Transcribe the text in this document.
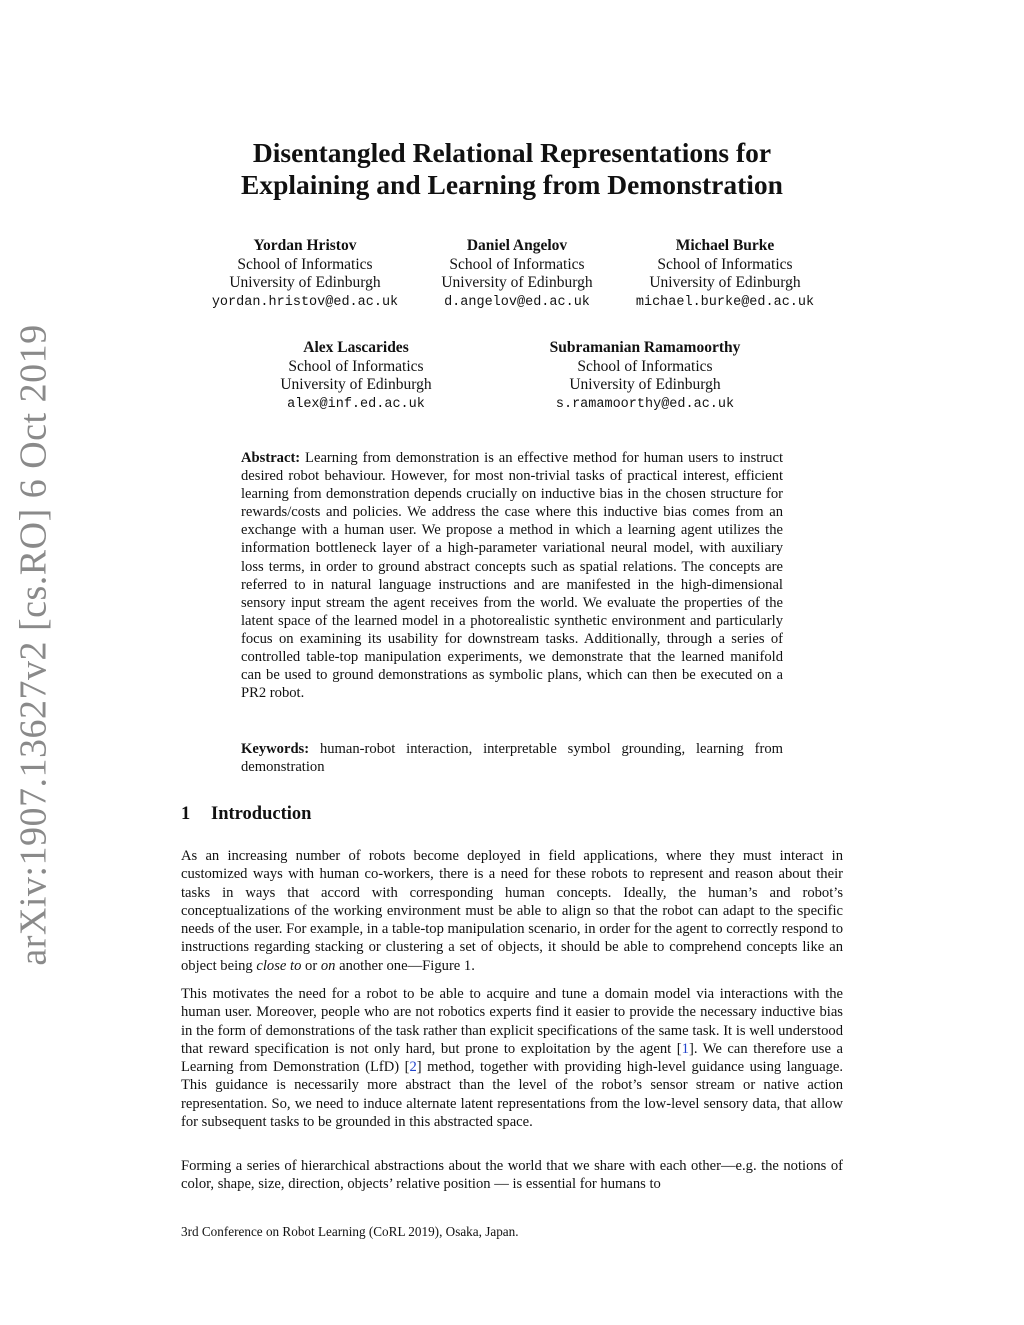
arXiv:1907.13627v2 [cs.RO] 6 Oct 2019
Disentangled Relational Representations for
Explaining and Learning from Demonstration
Yordan Hristov
School of Informatics
University of Edinburgh
yordan.hristov@ed.ac.uk
Daniel Angelov
School of Informatics
University of Edinburgh
d.angelov@ed.ac.uk
Michael Burke
School of Informatics
University of Edinburgh
michael.burke@ed.ac.uk
Alex Lascarides
School of Informatics
University of Edinburgh
alex@inf.ed.ac.uk
Subramanian Ramamoorthy
School of Informatics
University of Edinburgh
s.ramamoorthy@ed.ac.uk
Abstract: Learning from demonstration is an effective method for human users to instruct desired robot behaviour. However, for most non-trivial tasks of practical interest, efficient learning from demonstration depends crucially on inductive bias in the chosen structure for rewards/costs and policies. We address the case where this inductive bias comes from an exchange with a human user. We propose a method in which a learning agent utilizes the information bottleneck layer of a high-parameter variational neural model, with auxiliary loss terms, in order to ground abstract concepts such as spatial relations. The concepts are referred to in natural language instructions and are manifested in the high-dimensional sensory input stream the agent receives from the world. We evaluate the properties of the latent space of the learned model in a photorealistic synthetic environment and particularly focus on examining its usability for downstream tasks. Additionally, through a series of controlled table-top manipulation experiments, we demonstrate that the learned manifold can be used to ground demonstrations as symbolic plans, which can then be executed on a PR2 robot.
Keywords: human-robot interaction, interpretable symbol grounding, learning from demonstration
1 Introduction

As an increasing number of robots become deployed in field applications, where they must interact in customized ways with human co-workers, there is a need for these robots to represent and reason about their tasks in ways that accord with corresponding human concepts. Ideally, the human’s and robot’s conceptualizations of the working environment must be able to align so that the robot can adapt to the specific needs of the user. For example, in a table-top manipulation scenario, in order for the agent to correctly respond to instructions regarding stacking or clustering a set of objects, it should be able to comprehend concepts like an object being close to or on another one—Figure 1.

This motivates the need for a robot to be able to acquire and tune a domain model via interactions with the human user. Moreover, people who are not robotics experts find it easier to provide the necessary inductive bias in the form of demonstrations of the task rather than explicit specifications of the same task. It is well understood that reward specification is not only hard, but prone to exploitation by the agent [1]. We can therefore use a Learning from Demonstration (LfD) [2] method, together with providing high-level guidance using language. This guidance is necessarily more abstract than the level of the robot’s sensor stream or native action representation. So, we need to induce alternate latent representations from the low-level sensory data, that allow for subsequent tasks to be grounded in this abstracted space.

Forming a series of hierarchical abstractions about the world that we share with each other—e.g. the notions of color, shape, size, direction, objects’ relative position — is essential for humans to

3rd Conference on Robot Learning (CoRL 2019), Osaka, Japan.
